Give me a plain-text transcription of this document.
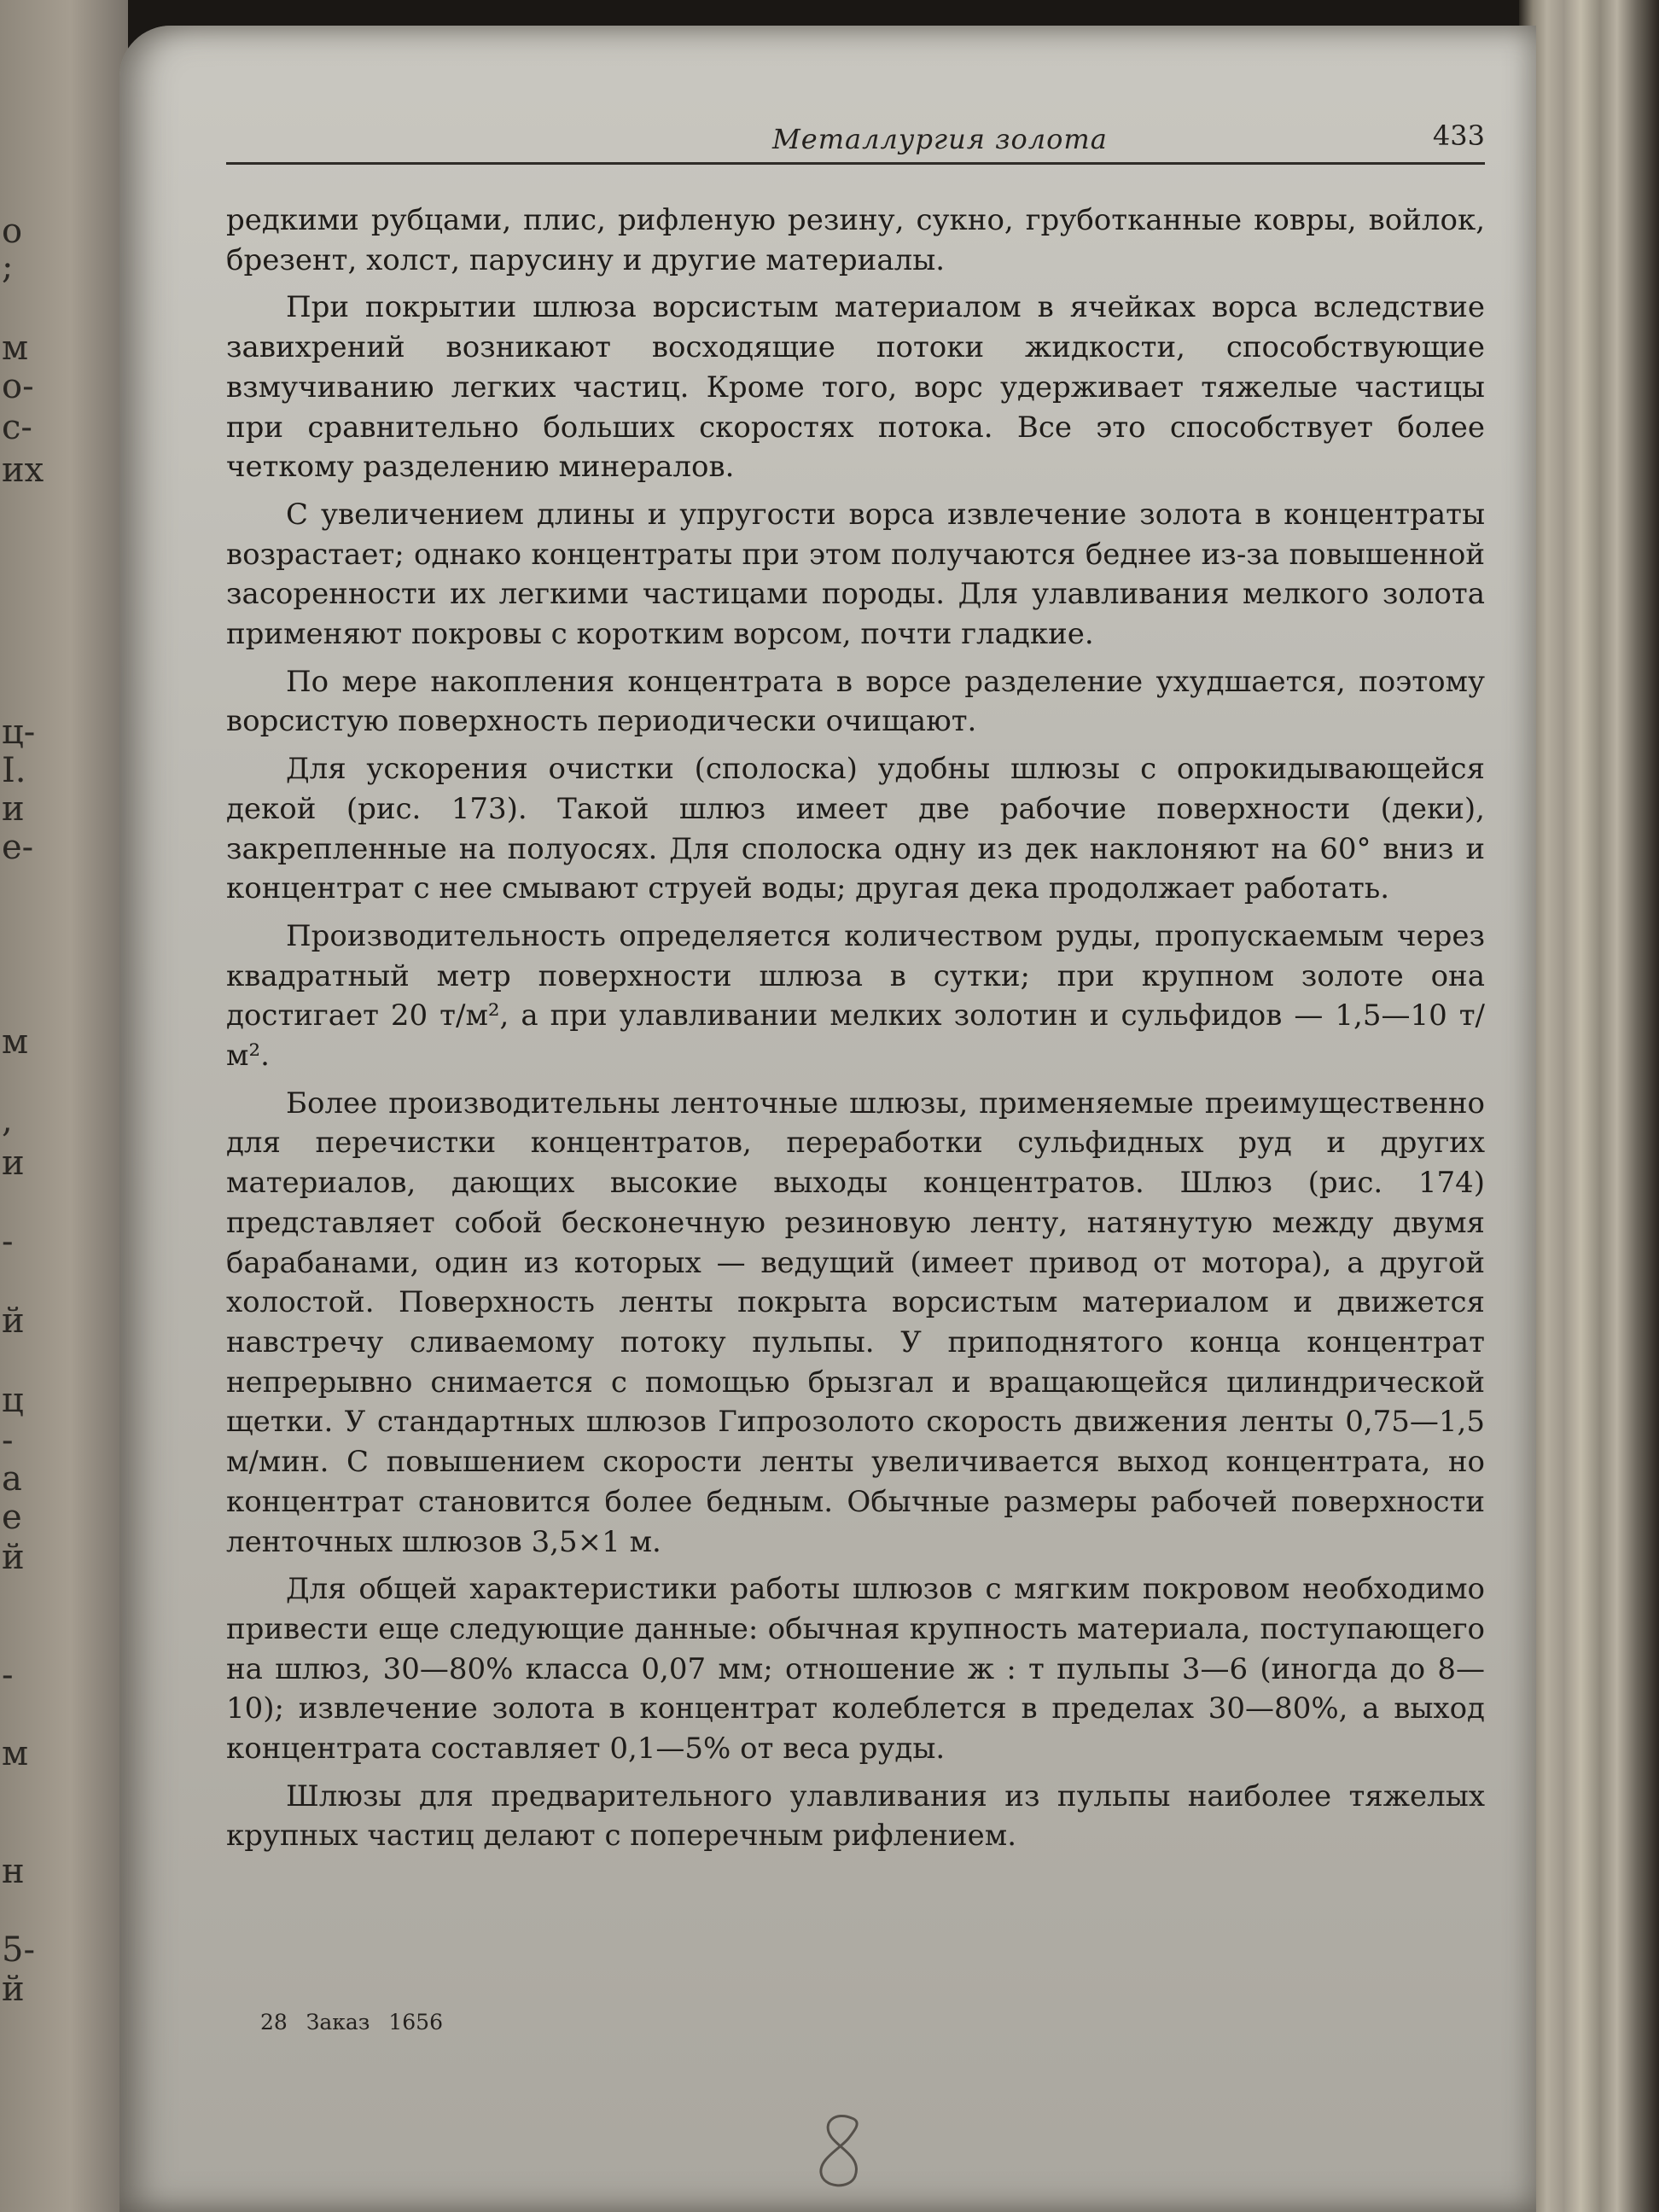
о
;
м
о-
с-
их
ц-
I.
и
е-
м
,
и
-
й
ц
-
а
е
й
-
м
н
5-
й
Металлургия золота	433

редкими рубцами, плис, рифленую резину, сукно, груботканные ковры, войлок, брезент, холст, парусину и другие материалы.

При покрытии шлюза ворсистым материалом в ячейках ворса вследствие завихрений возникают восходящие потоки жидкости, способствующие взмучиванию легких частиц. Кроме того, ворс удерживает тяжелые частицы при сравнительно больших скоростях потока. Все это способствует более четкому разделению минералов.

С увеличением длины и упругости ворса извлечение золота в концентраты возрастает; однако концентраты при этом получаются беднее из-за повышенной засоренности их легкими частицами породы. Для улавливания мелкого золота применяют покровы с коротким ворсом, почти гладкие.

По мере накопления концентрата в ворсе разделение ухудшается, поэтому ворсистую поверхность периодически очищают.

Для ускорения очистки (сполоска) удобны шлюзы с опрокидывающейся декой (рис. 173). Такой шлюз имеет две рабочие поверхности (деки), закрепленные на полуосях. Для сполоска одну из дек наклоняют на 60° вниз и концентрат с нее смывают струей воды; другая дека продолжает работать.

Производительность определяется количеством руды, пропускаемым через квадратный метр поверхности шлюза в сутки; при крупном золоте она достигает 20 т/м², а при улавливании мелких золотин и сульфидов — 1,5—10 т/м².

Более производительны ленточные шлюзы, применяемые преимущественно для перечистки концентратов, переработки сульфидных руд и других материалов, дающих высокие выходы концентратов. Шлюз (рис. 174) представляет собой бесконечную резиновую ленту, натянутую между двумя барабанами, один из которых — ведущий (имеет привод от мотора), а другой холостой. Поверхность ленты покрыта ворсистым материалом и движется навстречу сливаемому потоку пульпы. У приподнятого конца концентрат непрерывно снимается с помощью брызгал и вращающейся цилиндрической щетки. У стандартных шлюзов Гипрозолото скорость движения ленты 0,75—1,5 м/мин. С повышением скорости ленты увеличивается выход концентрата, но концентрат становится более бедным. Обычные размеры рабочей поверхности ленточных шлюзов 3,5×1 м.

Для общей характеристики работы шлюзов с мягким покровом необходимо привести еще следующие данные: обычная крупность материала, поступающего на шлюз, 30—80% класса 0,07 мм; отношение ж : т пульпы 3—6 (иногда до 8—10); извлечение золота в концентрат колеблется в пределах 30—80%, а выход концентрата составляет 0,1—5% от веса руды.

Шлюзы для предварительного улавливания из пульпы наиболее тяжелых крупных частиц делают с поперечным рифлением.

28 Заказ 1656
